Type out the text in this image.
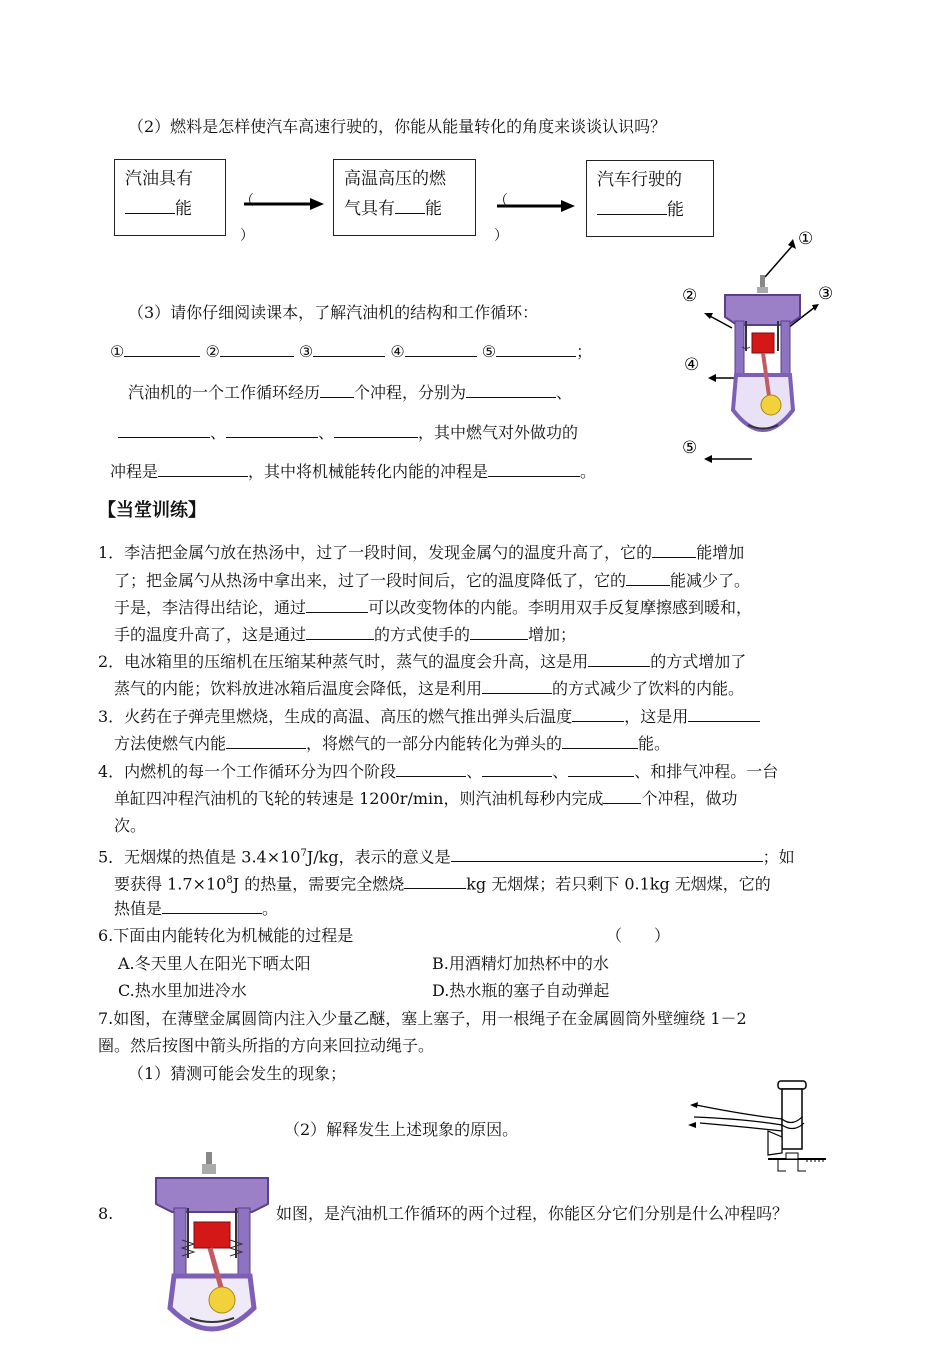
（2）燃料是怎样使汽车高速行驶的，你能从能量转化的角度来谈谈认识吗？
汽油具有
能	（
）
高温高压的燃
气具有 能	（
）
汽车行驶的
能
①
②	③
④
⑤
（3）请你仔细阅读课本，了解汽油机的结构和工作循环：
①	②	③	④	⑤	；
汽油机的一个工作循环经历 个冲程，分别为	、
、	、	，其中燃气对外做功的
冲程是	，其中将机械能转化内能的冲程是	。
【当堂训练】
1．李洁把金属勺放在热汤中，过了一段时间，发现金属勺的温度升高了，它的	能增加
了；把金属勺从热汤中拿出来，过了一段时间后，它的温度降低了，它的	能减少了。
于是，李洁得出结论，通过	可以改变物体的内能。李明用双手反复摩擦感到暖和，
手的温度升高了，这是通过	的方式使手的	增加；
2．电冰箱里的压缩机在压缩某种蒸气时，蒸气的温度会升高，这是用	的方式增加了
蒸气的内能；饮料放进冰箱后温度会降低，这是利用	的方式减少了饮料的内能。
3．火药在子弹壳里燃烧，生成的高温、高压的燃气推出弹头后温度	，这是用
方法使燃气内能	，将燃气的一部分内能转化为弹头的	能。
4．内燃机的每一个工作循环分为四个阶段	、	、	、和排气冲程。一台
单缸四冲程汽油机的飞轮的转速是 1200r/min，则汽油机每秒内完成 个冲程，做功
次。
5．无烟煤的热值是 $3.4\times 10^7J/kg$，表示的意义是	；如
要获得 $1.7\times 10^8J$ 的热量，需要完全燃烧	kg 无烟煤；若只剩下 0.1kg 无烟煤，它的
热值是	。
6.下面由内能转化为机械能的过程是	（　　）
A.冬天里人在阳光下晒太阳	B.用酒精灯加热杯中的水
C.热水里加进冷水	D.热水瓶的塞子自动弹起
7.如图，在薄壁金属圆筒内注入少量乙醚，塞上塞子，用一根绳子在金属圆筒外壁缠绕 1－2
圈。然后按图中箭头所指的方向来回拉动绳子。
（1）猜测可能会发生的现象；
（2）解释发生上述现象的原因。
8.	如图，是汽油机工作循环的两个过程，你能区分它们分别是什么冲程吗？
